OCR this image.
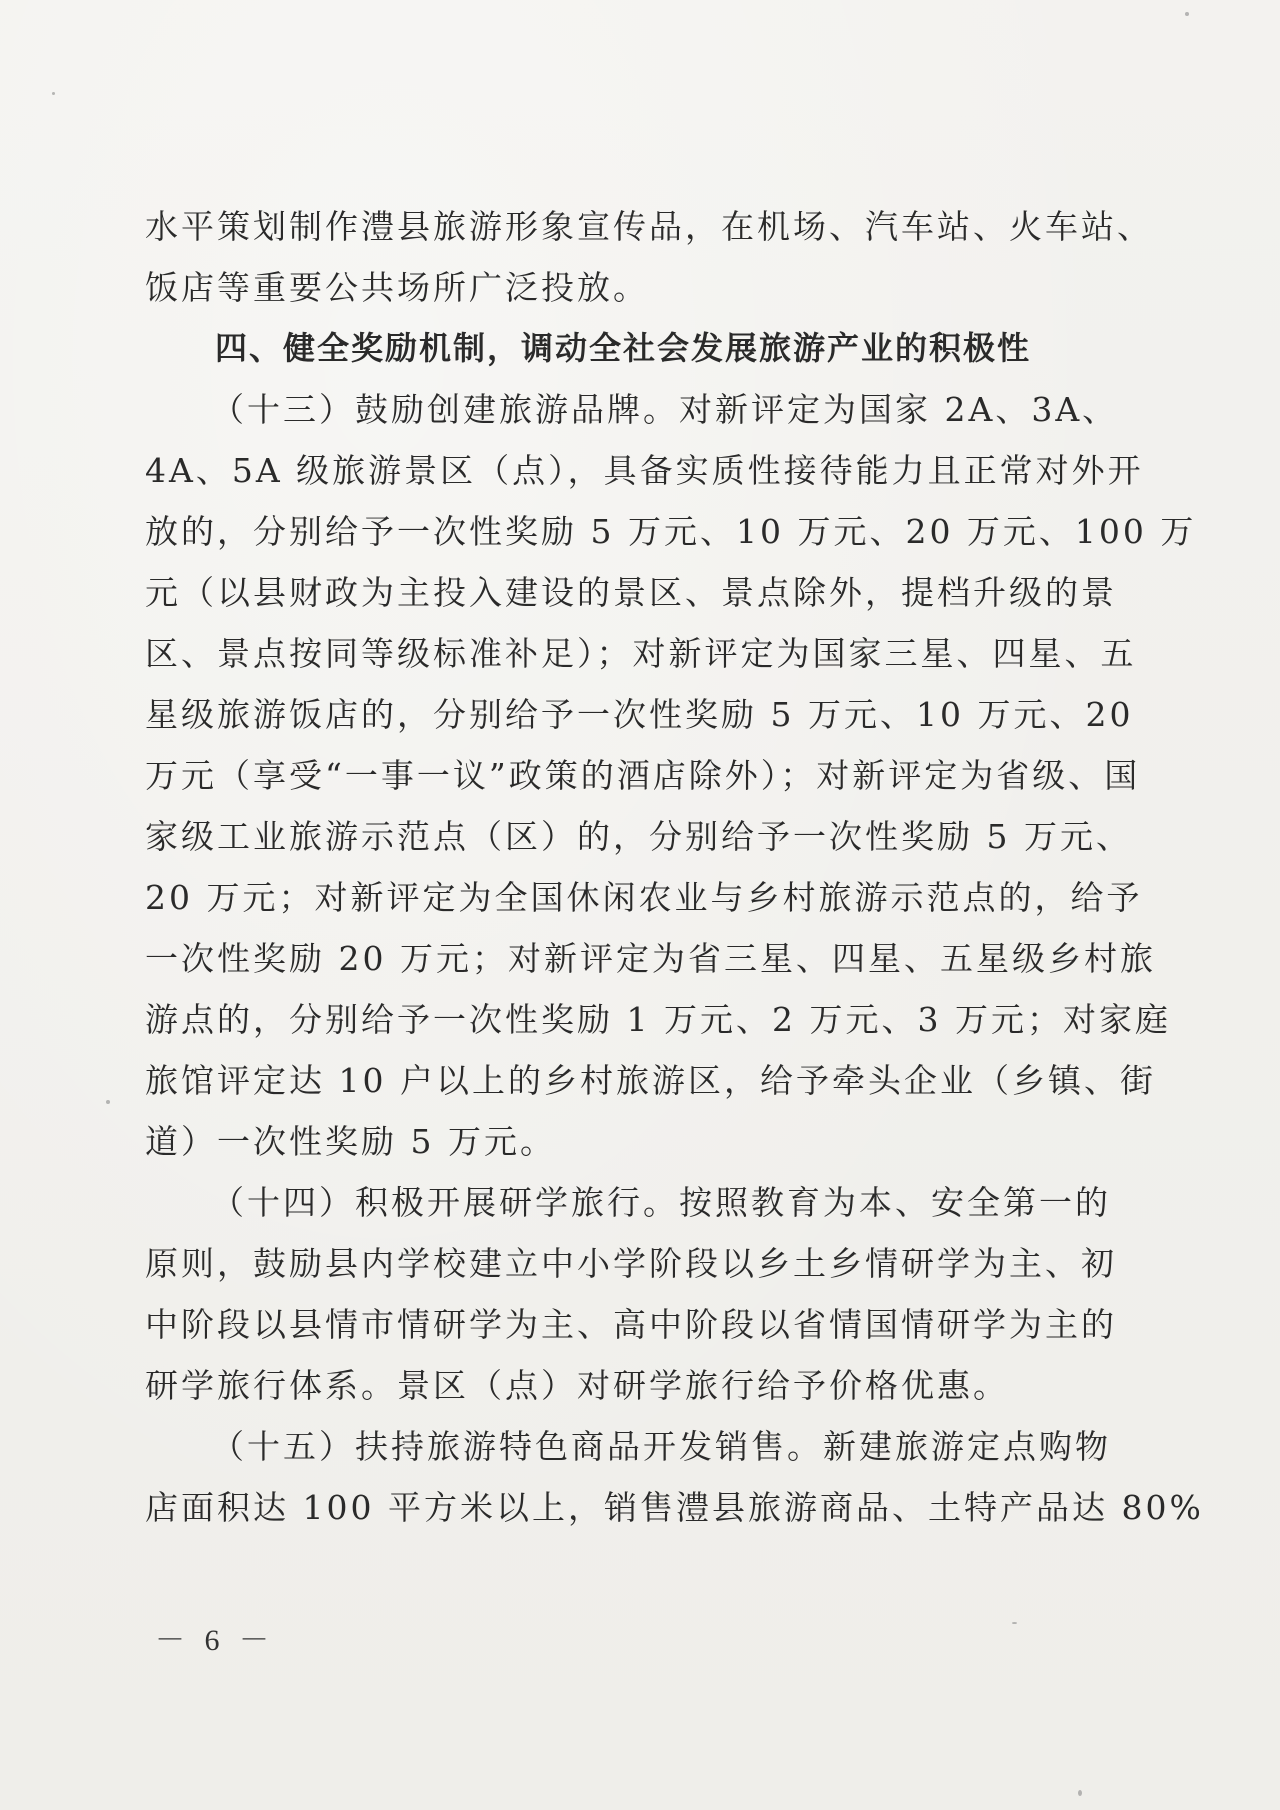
水平策划制作澧县旅游形象宣传品，在机场、汽车站、火车站、
饭店等重要公共场所广泛投放。
四、健全奖励机制，调动全社会发展旅游产业的积极性
（十三）鼓励创建旅游品牌。对新评定为国家 2A、3A、
4A、5A 级旅游景区（点），具备实质性接待能力且正常对外开
放的，分别给予一次性奖励 5 万元、10 万元、20 万元、100 万
元（以县财政为主投入建设的景区、景点除外，提档升级的景
区、景点按同等级标准补足）；对新评定为国家三星、四星、五
星级旅游饭店的，分别给予一次性奖励 5 万元、10 万元、20
万元（享受“一事一议”政策的酒店除外）；对新评定为省级、国
家级工业旅游示范点（区）的，分别给予一次性奖励 5 万元、
20 万元；对新评定为全国休闲农业与乡村旅游示范点的，给予
一次性奖励 20 万元；对新评定为省三星、四星、五星级乡村旅
游点的，分别给予一次性奖励 1 万元、2 万元、3 万元；对家庭
旅馆评定达 10 户以上的乡村旅游区，给予牵头企业（乡镇、街
道）一次性奖励 5 万元。
（十四）积极开展研学旅行。按照教育为本、安全第一的
原则，鼓励县内学校建立中小学阶段以乡土乡情研学为主、初
中阶段以县情市情研学为主、高中阶段以省情国情研学为主的
研学旅行体系。景区（点）对研学旅行给予价格优惠。
（十五）扶持旅游特色商品开发销售。新建旅游定点购物
店面积达 100 平方米以上，销售澧县旅游商品、土特产品达 80%
－ 6 －
